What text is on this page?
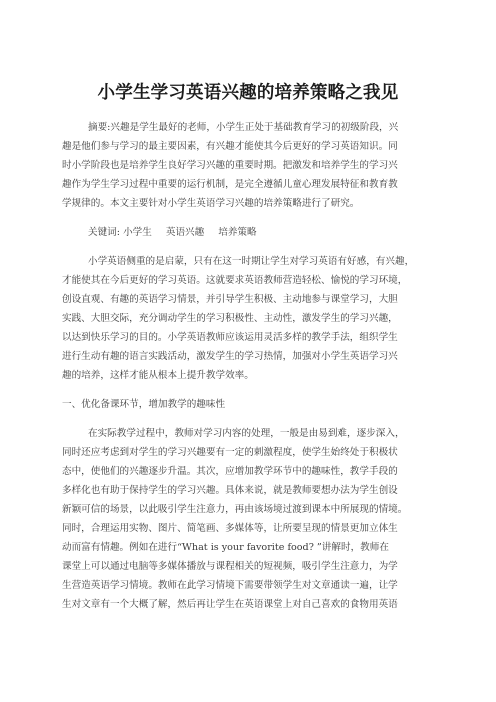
小学生学习英语兴趣的培养策略之我见
摘要:兴趣是学生最好的老师，小学生正处于基础教育学习的初级阶段，兴
趣是他们参与学习的最主要因素，有兴趣才能使其今后更好的学习英语知识。同
时小学阶段也是培养学生良好学习兴趣的重要时期。把激发和培养学生的学习兴
趣作为学生学习过程中重要的运行机制，是完全遵循儿童心理发展特征和教育教
学规律的。本文主要针对小学生英语学习兴趣的培养策略进行了研究。
关键词: 小学生 英语兴趣 培养策略
小学英语侧重的是启蒙，只有在这一时期让学生对学习英语有好感，有兴趣，
才能使其在今后更好的学习英语。这就要求英语教师营造轻松、愉悦的学习环境，
创设直观、有趣的英语学习情景，并引导学生积极、主动地参与课堂学习，大胆
实践、大胆交际，充分调动学生的学习积极性、主动性，激发学生的学习兴趣，
以达到快乐学习的目的。小学英语教师应该运用灵活多样的教学手法，组织学生
进行生动有趣的语言实践活动，激发学生的学习热情，加强对小学生英语学习兴
趣的培养，这样才能从根本上提升教学效率。
一、优化备课环节，增加教学的趣味性
在实际教学过程中，教师对学习内容的处理，一般是由易到难，逐步深入，
同时还应考虑到对学生的学习兴趣要有一定的刺激程度，使学生始终处于积极状
态中，使他们的兴趣逐步升温。其次，应增加教学环节中的趣味性，教学手段的
多样化也有助于保持学生的学习兴趣。具体来说，就是教师要想办法为学生创设
新颖可信的场景，以此吸引学生注意力，再由该场境过渡到课本中所展现的情境。
同时，合理运用实物、图片、简笔画、多媒体等，让所要呈现的情景更加立体生
动而富有情趣。例如在进行“What is your favorite food? ”讲解时，教师在
课堂上可以通过电脑等多媒体播放与课程相关的短视频，吸引学生注意力，为学
生营造英语学习情境。教师在此学习情境下需要带领学生对文章通读一遍，让学
生对文章有一个大概了解，然后再让学生在英语课堂上对自己喜欢的食物用英语
